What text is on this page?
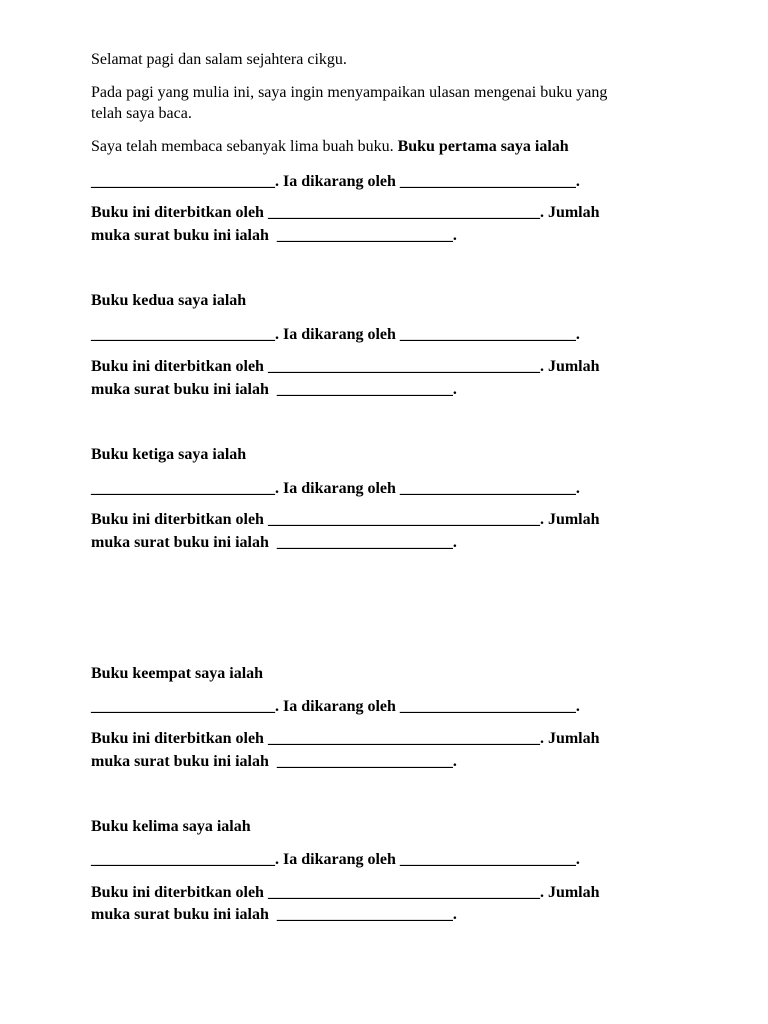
Selamat pagi dan salam sejahtera cikgu.
Pada pagi yang mulia ini, saya ingin menyampaikan ulasan mengenai buku yang
telah saya baca.
Saya telah membaca sebanyak lima buah buku. Buku pertama saya ialah
_______________________. Ia dikarang oleh ______________________.
Buku ini diterbitkan oleh __________________________________. Jumlah
muka surat buku ini ialah  ______________________.
Buku kedua saya ialah
_______________________. Ia dikarang oleh ______________________.
Buku ini diterbitkan oleh __________________________________. Jumlah
muka surat buku ini ialah  ______________________.
Buku ketiga saya ialah
_______________________. Ia dikarang oleh ______________________.
Buku ini diterbitkan oleh __________________________________. Jumlah
muka surat buku ini ialah  ______________________.
Buku keempat saya ialah
_______________________. Ia dikarang oleh ______________________.
Buku ini diterbitkan oleh __________________________________. Jumlah
muka surat buku ini ialah  ______________________.
Buku kelima saya ialah
_______________________. Ia dikarang oleh ______________________.
Buku ini diterbitkan oleh __________________________________. Jumlah
muka surat buku ini ialah  ______________________.
